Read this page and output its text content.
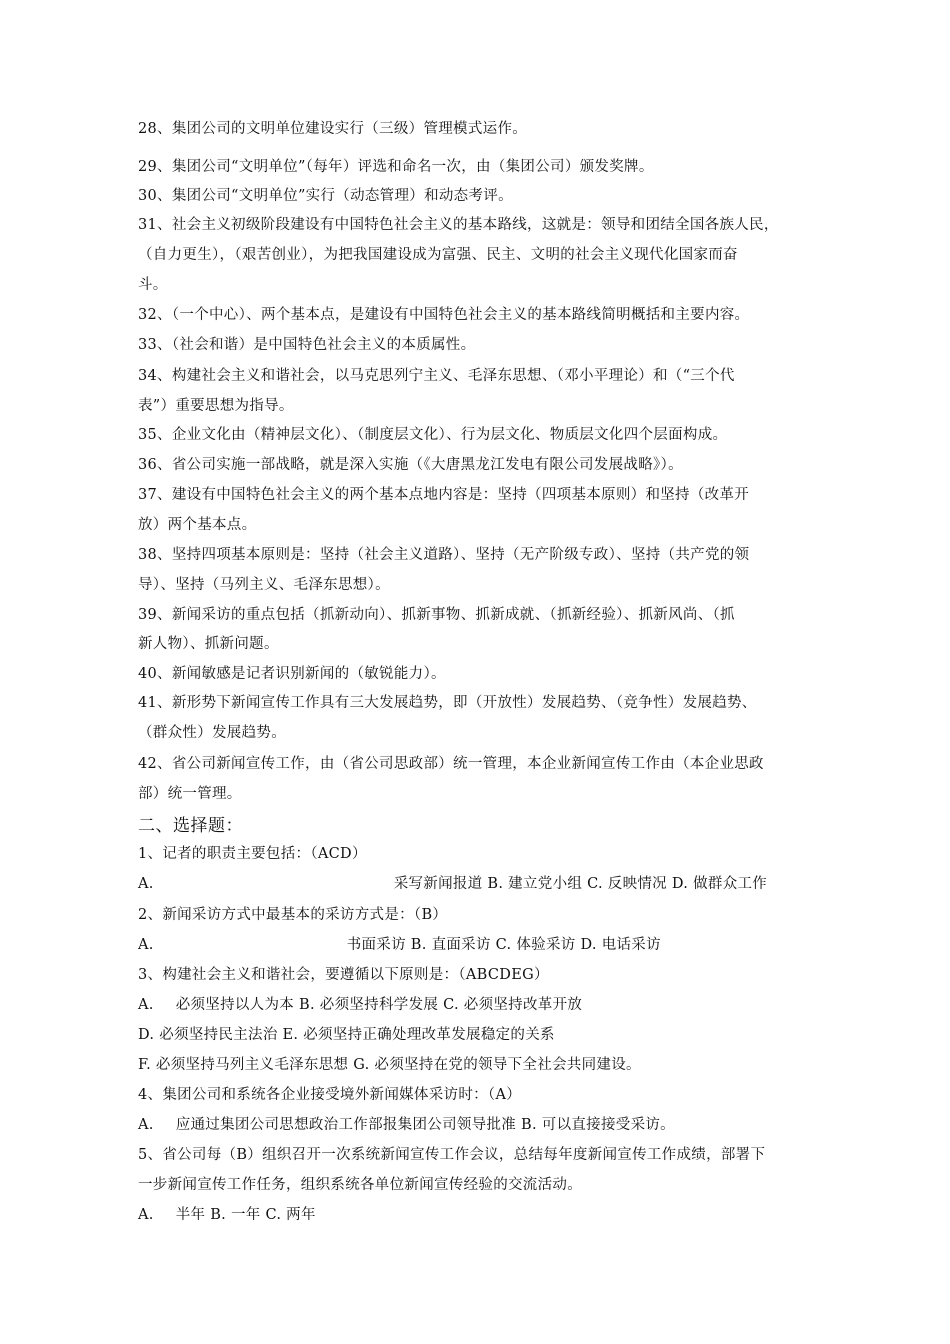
28、集团公司的文明单位建设实行（三级）管理模式运作。
29、集团公司“文明单位”（每年）评选和命名一次，由（集团公司）颁发奖牌。
30、集团公司“文明单位”实行（动态管理）和动态考评。
31、社会主义初级阶段建设有中国特色社会主义的基本路线，这就是：领导和团结全国各族人民，
（自力更生），（艰苦创业），为把我国建设成为富强、民主、文明的社会主义现代化国家而奋
斗。
32、（一个中心）、两个基本点，是建设有中国特色社会主义的基本路线简明概括和主要内容。
33、（社会和谐）是中国特色社会主义的本质属性。
34、构建社会主义和谐社会，以马克思列宁主义、毛泽东思想、（邓小平理论）和（“三个代
表”）重要思想为指导。
35、企业文化由（精神层文化）、（制度层文化）、行为层文化、物质层文化四个层面构成。
36、省公司实施一部战略，就是深入实施（《大唐黑龙江发电有限公司发展战略》）。
37、建设有中国特色社会主义的两个基本点地内容是：坚持（四项基本原则）和坚持（改革开
放）两个基本点。
38、坚持四项基本原则是：坚持（社会主义道路）、坚持（无产阶级专政）、坚持（共产党的领
导）、坚持（马列主义、毛泽东思想）。
39、新闻采访的重点包括（抓新动向）、抓新事物、抓新成就、（抓新经验）、抓新风尚、（抓
新人物）、抓新问题。
40、新闻敏感是记者识别新闻的（敏锐能力）。
41、新形势下新闻宣传工作具有三大发展趋势，即（开放性）发展趋势、（竞争性）发展趋势、
（群众性）发展趋势。
42、省公司新闻宣传工作，由（省公司思政部）统一管理，本企业新闻宣传工作由（本企业思政
部）统一管理。
二、选择题：
1、记者的职责主要包括：（ACD）
A.	采写新闻报道 B. 建立党小组 C. 反映情况 D. 做群众工作
2、新闻采访方式中最基本的采访方式是：（B）
A.	书面采访 B. 直面采访 C. 体验采访 D. 电话采访
3、构建社会主义和谐社会，要遵循以下原则是：（ABCDEG）
A. 必须坚持以人为本 B. 必须坚持科学发展 C. 必须坚持改革开放
D. 必须坚持民主法治 E. 必须坚持正确处理改革发展稳定的关系
F. 必须坚持马列主义毛泽东思想 G. 必须坚持在党的领导下全社会共同建设。
4、集团公司和系统各企业接受境外新闻媒体采访时：（A）
A. 应通过集团公司思想政治工作部报集团公司领导批准 B. 可以直接接受采访。
5、省公司每（B）组织召开一次系统新闻宣传工作会议，总结每年度新闻宣传工作成绩，部署下
一步新闻宣传工作任务，组织系统各单位新闻宣传经验的交流活动。
A. 半年 B. 一年 C. 两年
